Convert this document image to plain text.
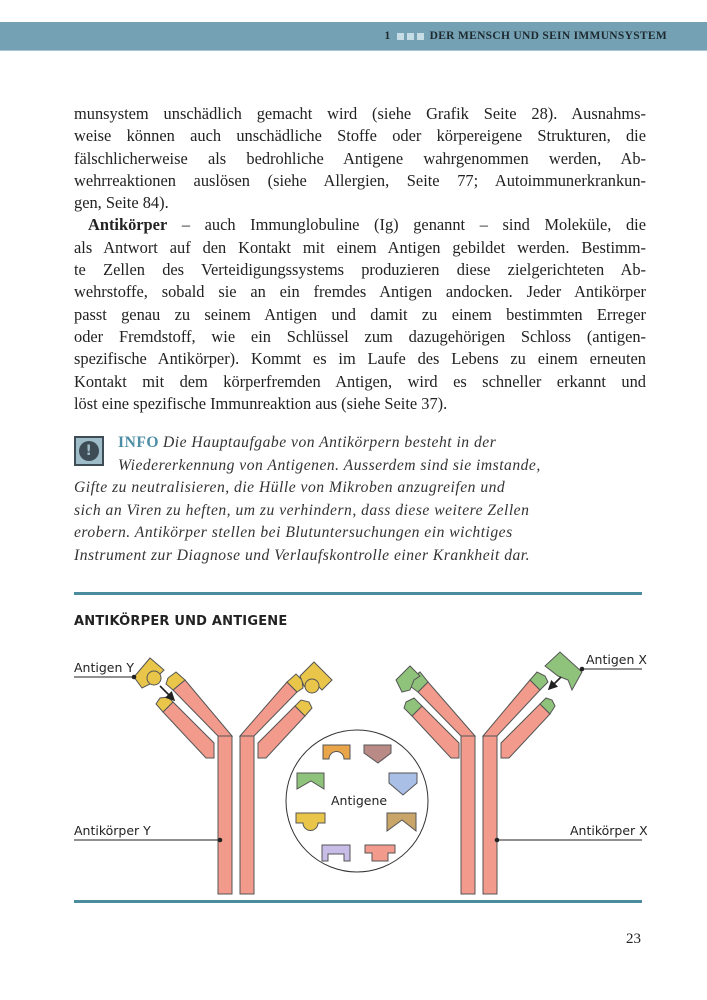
1	DER MENSCH UND SEIN IMMUNSYSTEM

munsystem unschädlich gemacht wird (siehe Grafik Seite 28). Ausnahms-
weise können auch unschädliche Stoffe oder körpereigene Strukturen, die
fälschlicherweise als bedrohliche Antigene wahrgenommen werden, Ab-
wehrreaktionen auslösen (siehe Allergien, Seite 77; Autoimmunerkrankun-
gen, Seite 84).

Antikörper – auch Immunglobuline (Ig) genannt – sind Moleküle, die
als Antwort auf den Kontakt mit einem Antigen gebildet werden. Bestimm-
te Zellen des Verteidigungssystems produzieren diese zielgerichteten Ab-
wehrstoffe, sobald sie an ein fremdes Antigen andocken. Jeder Antikörper
passt genau zu seinem Antigen und damit zu einem bestimmten Erreger
oder Fremdstoff, wie ein Schlüssel zum dazugehörigen Schloss (antigen-
spezifische Antikörper). Kommt es im Laufe des Lebens zu einem erneuten
Kontakt mit dem körperfremden Antigen, wird es schneller erkannt und
löst eine spezifische Immunreaktion aus (siehe Seite 37).

!	INFO Die Hauptaufgabe von Antikörpern besteht in der
Wiedererkennung von Antigenen. Ausserdem sind sie imstande,
Gifte zu neutralisieren, die Hülle von Mikroben anzugreifen und
sich an Viren zu heften, um zu verhindern, dass diese weitere Zellen
erobern. Antikörper stellen bei Blutuntersuchungen ein wichtiges
Instrument zur Diagnose und Verlaufskontrolle einer Krankheit dar.
ANTIKÖRPER UND ANTIGENE
Antigen Y
Antigen X
Antikörper Y	Antikörper X
Antigene
23
